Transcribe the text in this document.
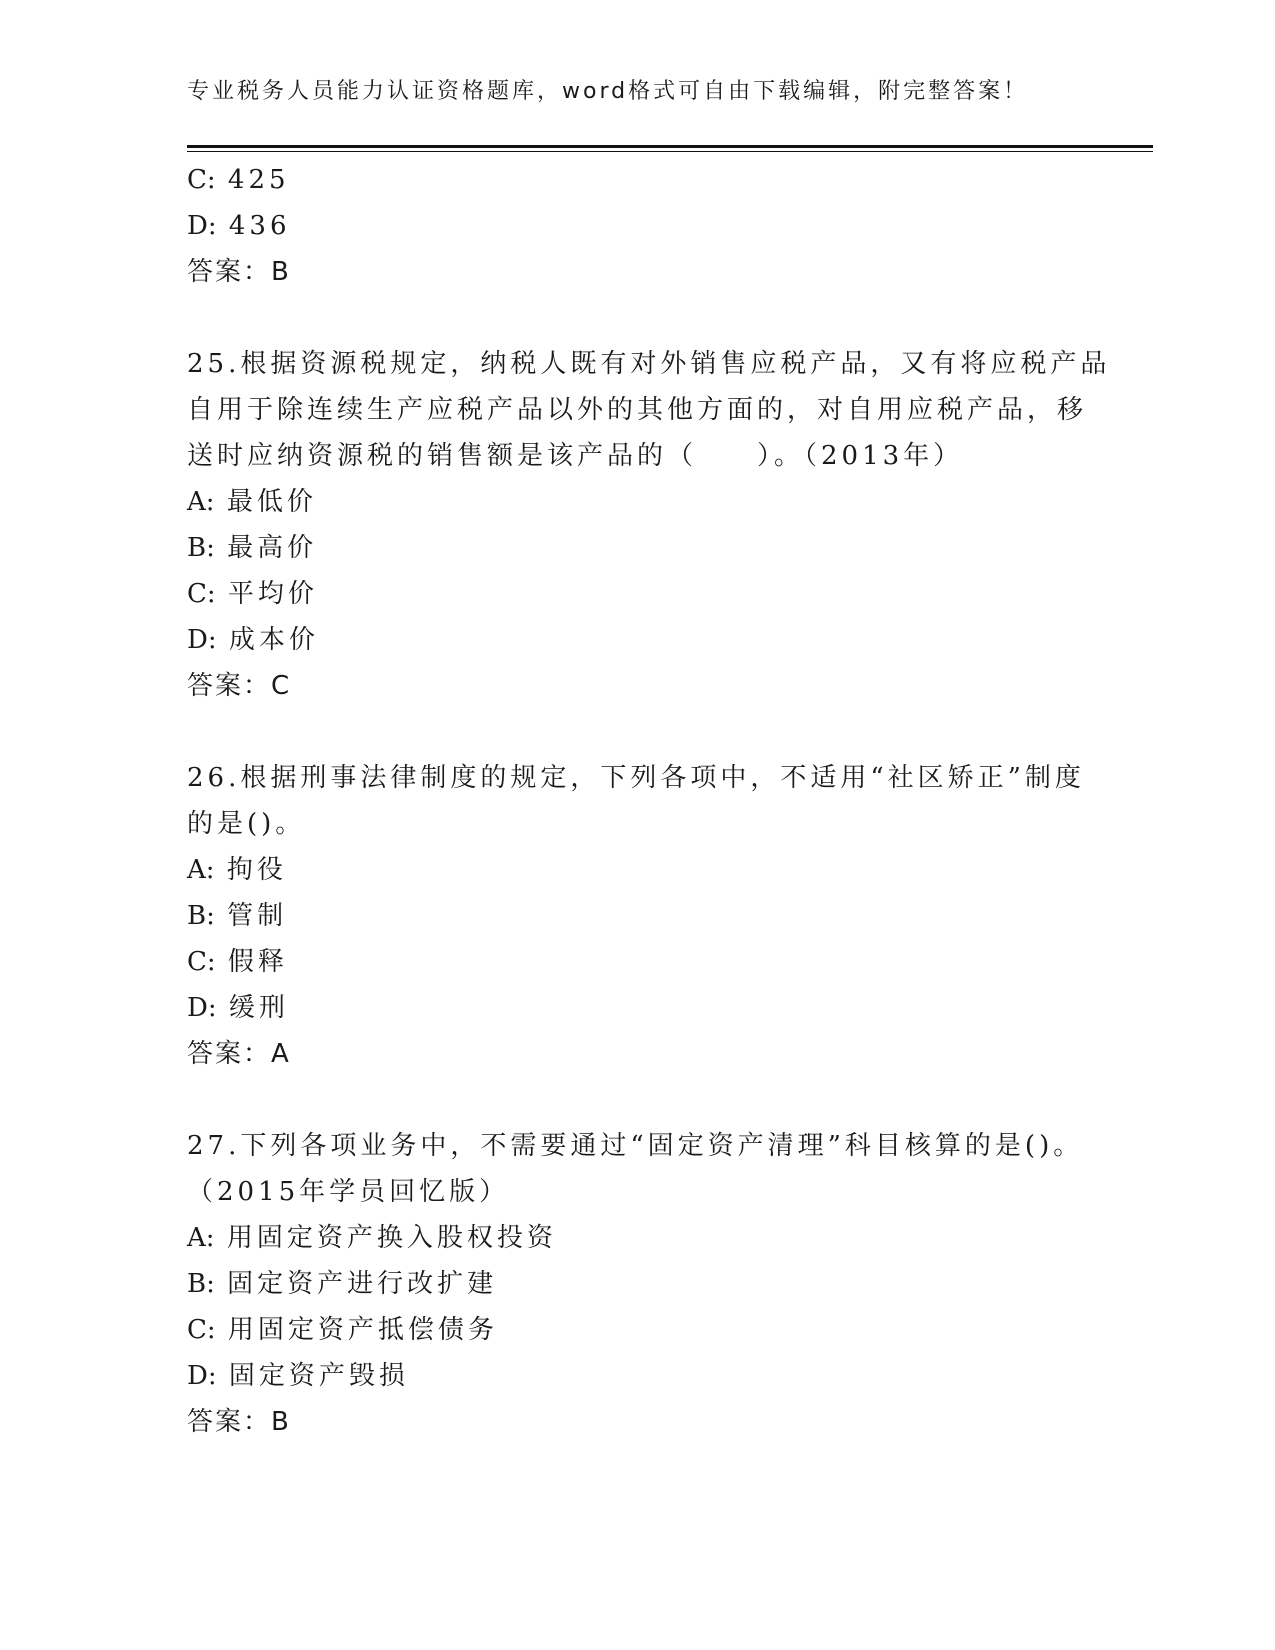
专业税务人员能力认证资格题库，word格式可自由下载编辑，附完整答案！
C: 425
D: 436
答案：B
25.根据资源税规定，纳税人既有对外销售应税产品，又有将应税产品
自用于除连续生产应税产品以外的其他方面的，对自用应税产品，移
送时应纳资源税的销售额是该产品的（　　）。（2013年）
A: 最低价
B: 最高价
C: 平均价
D: 成本价
答案：C
26.根据刑事法律制度的规定，下列各项中，不适用“社区矫正”制度
的是()。
A: 拘役
B: 管制
C: 假释
D: 缓刑
答案：A
27.下列各项业务中，不需要通过“固定资产清理”科目核算的是()。
（2015年学员回忆版）
A: 用固定资产换入股权投资
B: 固定资产进行改扩建
C: 用固定资产抵偿债务
D: 固定资产毁损
答案：B
